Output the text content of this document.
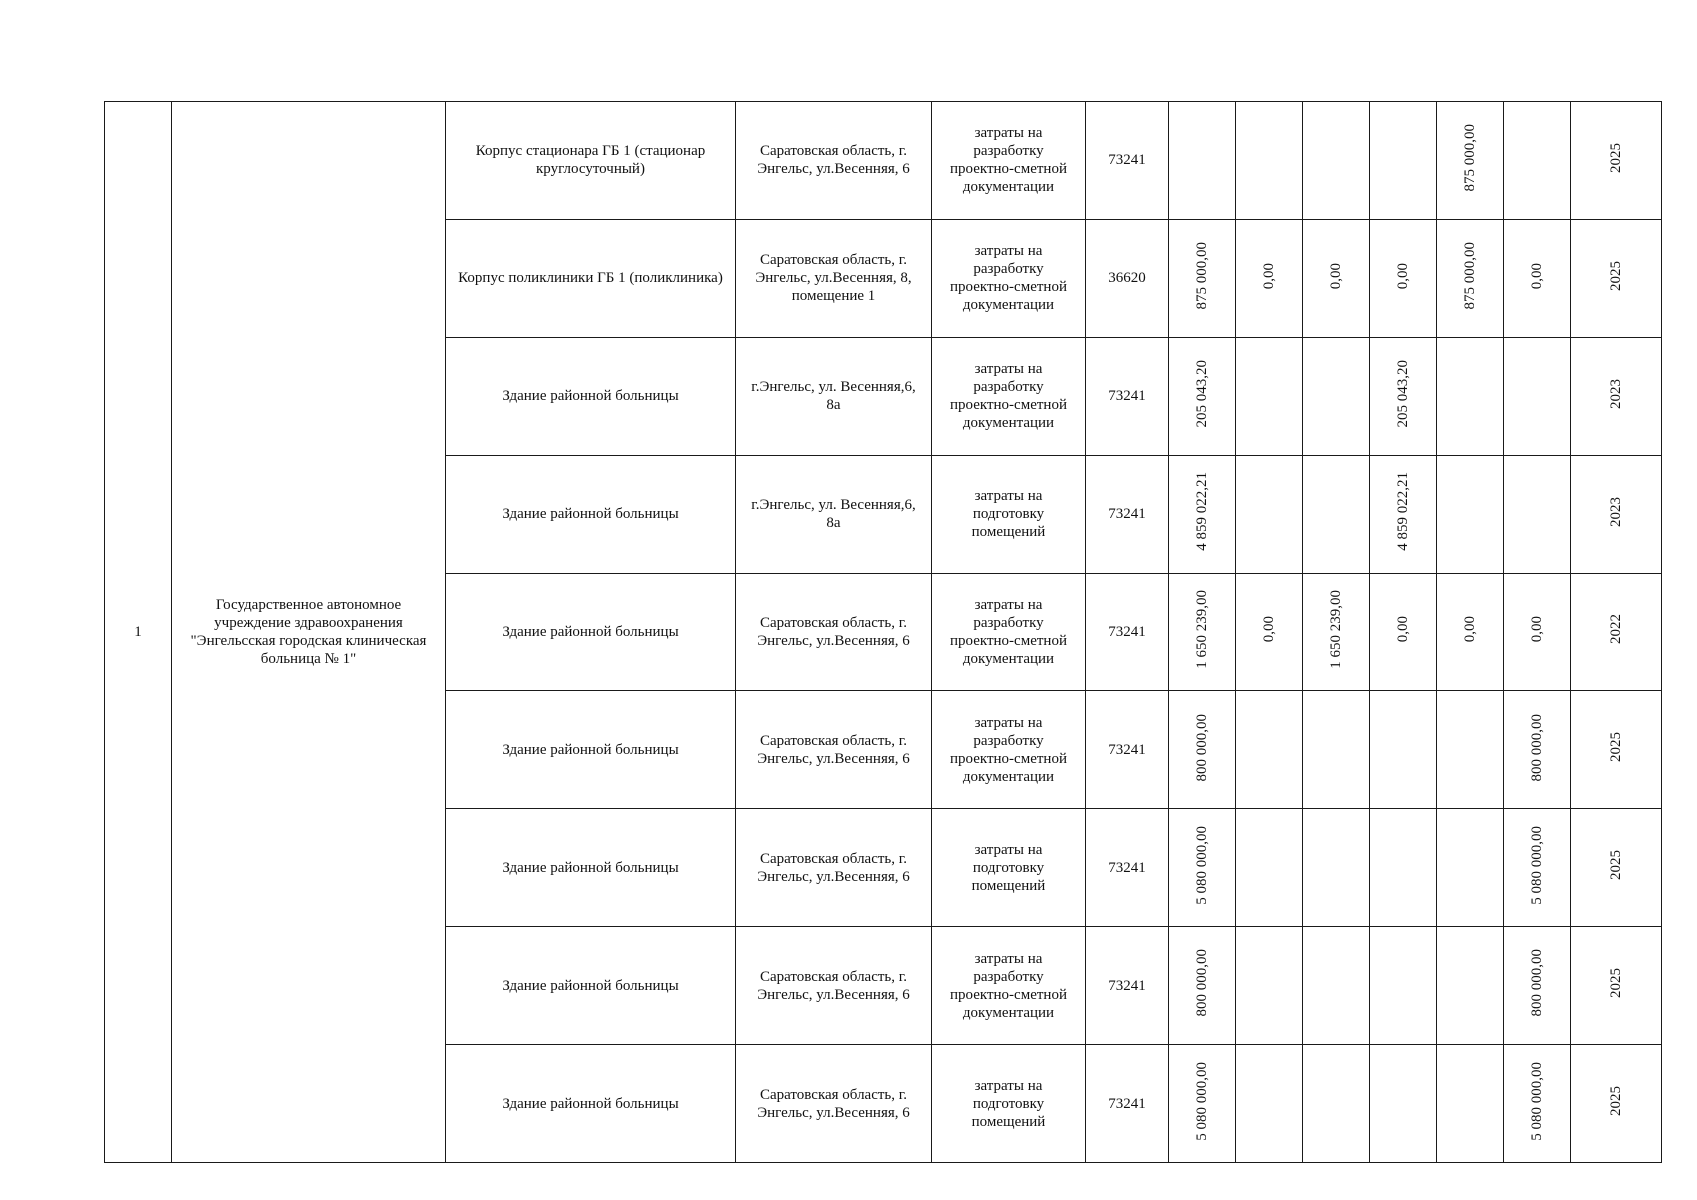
1	Государственное автономное учреждение здравоохранения "Энгельсская городская клиническая больница № 1"	Корпус стационара ГБ 1 (стационар круглосуточный)	Саратовская область, г. Энгельс, ул.Весенняя, 6	затраты на разработку проектно-сметной документации	73241					875 000,00		2025
		Корпус поликлиники ГБ 1 (поликлиника)	Саратовская область, г. Энгельс, ул.Весенняя, 8, помещение 1	затраты на разработку проектно-сметной документации	36620	875 000,00	0,00	0,00	0,00	875 000,00	0,00	2025
		Здание районной больницы	г.Энгельс, ул. Весенняя,6, 8а	затраты на разработку проектно-сметной документации	73241	205 043,20			205 043,20			2023
		Здание районной больницы	г.Энгельс, ул. Весенняя,6, 8а	затраты на подготовку помещений	73241	4 859 022,21			4 859 022,21			2023
		Здание районной больницы	Саратовская область, г. Энгельс, ул.Весенняя, 6	затраты на разработку проектно-сметной документации	73241	1 650 239,00	0,00	1 650 239,00	0,00	0,00	0,00	2022
		Здание районной больницы	Саратовская область, г. Энгельс, ул.Весенняя, 6	затраты на разработку проектно-сметной документации	73241	800 000,00					800 000,00	2025
		Здание районной больницы	Саратовская область, г. Энгельс, ул.Весенняя, 6	затраты на подготовку помещений	73241	5 080 000,00					5 080 000,00	2025
		Здание районной больницы	Саратовская область, г. Энгельс, ул.Весенняя, 6	затраты на разработку проектно-сметной документации	73241	800 000,00					800 000,00	2025
		Здание районной больницы	Саратовская область, г. Энгельс, ул.Весенняя, 6	затраты на подготовку помещений	73241	5 080 000,00					5 080 000,00	2025
